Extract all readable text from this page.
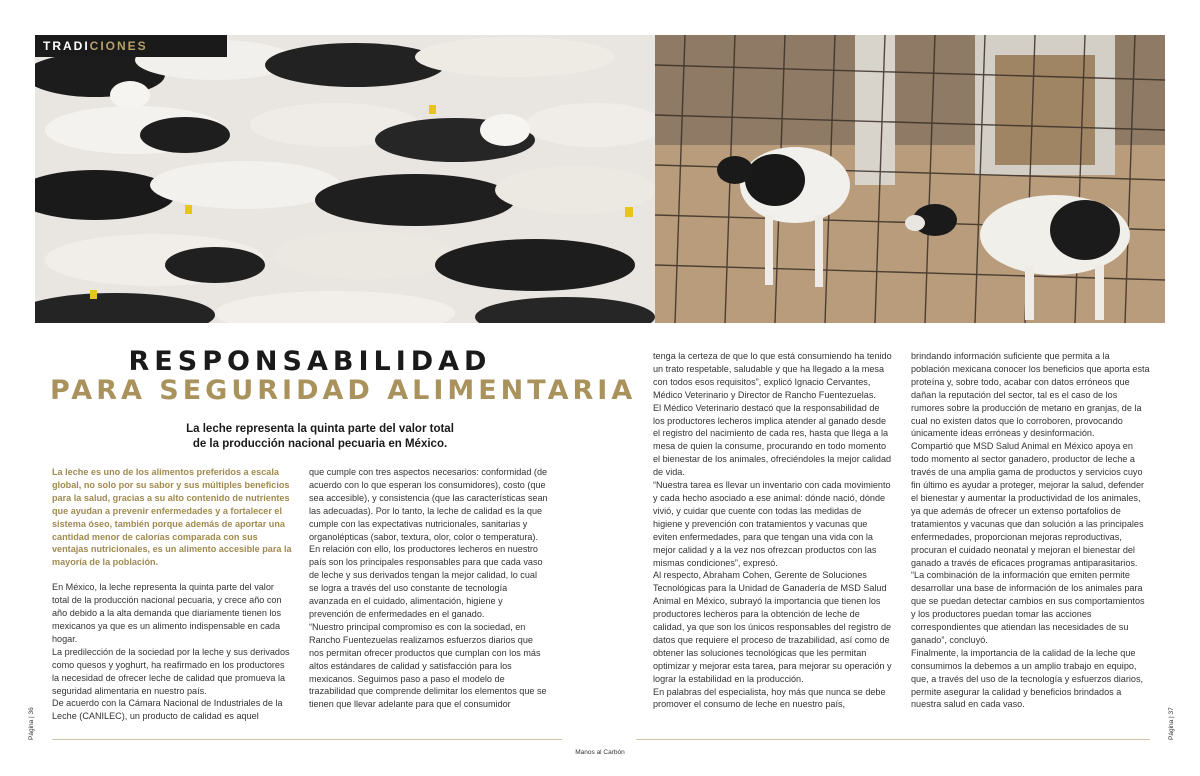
TRADICIONES
RESPONSABILIDAD
PARA SEGURIDAD ALIMENTARIA
La leche representa la quinta parte del valor total
de la producción nacional pecuaria en México.

La leche es uno de los alimentos preferidos a escala global, no solo por su sabor y sus múltiples beneficios para la salud, gracias a su alto contenido de nutrientes que ayudan a prevenir enfermedades y a fortalecer el sistema óseo, también porque además de aportar una cantidad menor de calorías comparada con sus ventajas nutricionales, es un alimento accesible para la mayoría de la población.

En México, la leche representa la quinta parte del valor total de la producción nacional pecuaria, y crece año con año debido a la alta demanda que diariamente tienen los mexicanos ya que es un alimento indispensable en cada hogar.

La predilección de la sociedad por la leche y sus derivados como quesos y yoghurt, ha reafirmado en los productores la necesidad de ofrecer leche de calidad que promueva la seguridad alimentaria en nuestro país.

De acuerdo con la Cámara Nacional de Industriales de la Leche (CANILEC), un producto de calidad es aquel

que cumple con tres aspectos necesarios: conformidad (de acuerdo con lo que esperan los consumidores), costo (que sea accesible), y consistencia (que las características sean las adecuadas). Por lo tanto, la leche de calidad es la que cumple con las expectativas nutricionales, sanitarias y organolépticas (sabor, textura, olor, color o temperatura).

En relación con ello, los productores lecheros en nuestro país son los principales responsables para que cada vaso de leche y sus derivados tengan la mejor calidad, lo cual se logra a través del uso constante de tecnología avanzada en el cuidado, alimentación, higiene y prevención de enfermedades en el ganado.

“Nuestro principal compromiso es con la sociedad, en Rancho Fuentezuelas realizamos esfuerzos diarios que nos permitan ofrecer productos que cumplan con los más altos estándares de calidad y satisfacción para los mexicanos. Seguimos paso a paso el modelo de trazabilidad que comprende delimitar los elementos que se tienen que llevar adelante para que el consumidor

tenga la certeza de que lo que está consumiendo ha tenido un trato respetable, saludable y que ha llegado a la mesa con todos esos requisitos”, explicó Ignacio Cervantes, Médico Veterinario y Director de Rancho Fuentezuelas.

El Médico Veterinario destacó que la responsabilidad de los productores lecheros implica atender al ganado desde el registro del nacimiento de cada res, hasta que llega a la mesa de quien la consume, procurando en todo momento el bienestar de los animales, ofreciéndoles la mejor calidad de vida.

“Nuestra tarea es llevar un inventario con cada movimiento y cada hecho asociado a ese animal: dónde nació, dónde vivió, y cuidar que cuente con todas las medidas de higiene y prevención con tratamientos y vacunas que eviten enfermedades, para que tengan una vida con la mejor calidad y a la vez nos ofrezcan productos con las mismas condiciones”, expresó.

Al respecto, Abraham Cohen, Gerente de Soluciones Tecnológicas para la Unidad de Ganadería de MSD Salud Animal en México, subrayó la importancia que tienen los productores lecheros para la obtención de leche de calidad, ya que son los únicos responsables del registro de datos que requiere el proceso de trazabilidad, así como de obtener las soluciones tecnológicas que les permitan optimizar y mejorar esta tarea, para mejorar su operación y lograr la estabilidad en la producción.

En palabras del especialista, hoy más que nunca se debe promover el consumo de leche en nuestro país,

brindando información suficiente que permita a la población mexicana conocer los beneficios que aporta esta proteína y, sobre todo, acabar con datos erróneos que dañan la reputación del sector, tal es el caso de los rumores sobre la producción de metano en granjas, de la cual no existen datos que lo corroboren, provocando únicamente ideas erróneas y desinformación.

Compartió que MSD Salud Animal en México apoya en todo momento al sector ganadero, productor de leche a través de una amplia gama de productos y servicios cuyo fin último es ayudar a proteger, mejorar la salud, defender el bienestar y aumentar la productividad de los animales, ya que además de ofrecer un extenso portafolios de tratamientos y vacunas que dan solución a las principales enfermedades, proporcionan mejoras reproductivas, procuran el cuidado neonatal y mejoran el bienestar del ganado a través de eficaces programas antiparasitarios.

“La combinación de la información que emiten permite desarrollar una base de información de los animales para que se puedan detectar cambios en sus comportamientos y los productores puedan tomar las acciones correspondientes que atiendan las necesidades de su ganado”, concluyó.

Finalmente, la importancia de la calidad de la leche que consumimos la debemos a un amplio trabajo en equipo, que, a través del uso de la tecnología y esfuerzos diarios, permite asegurar la calidad y beneficios brindados a nuestra salud en cada vaso.

Manos al Carbón
Página | 36	Página | 37
